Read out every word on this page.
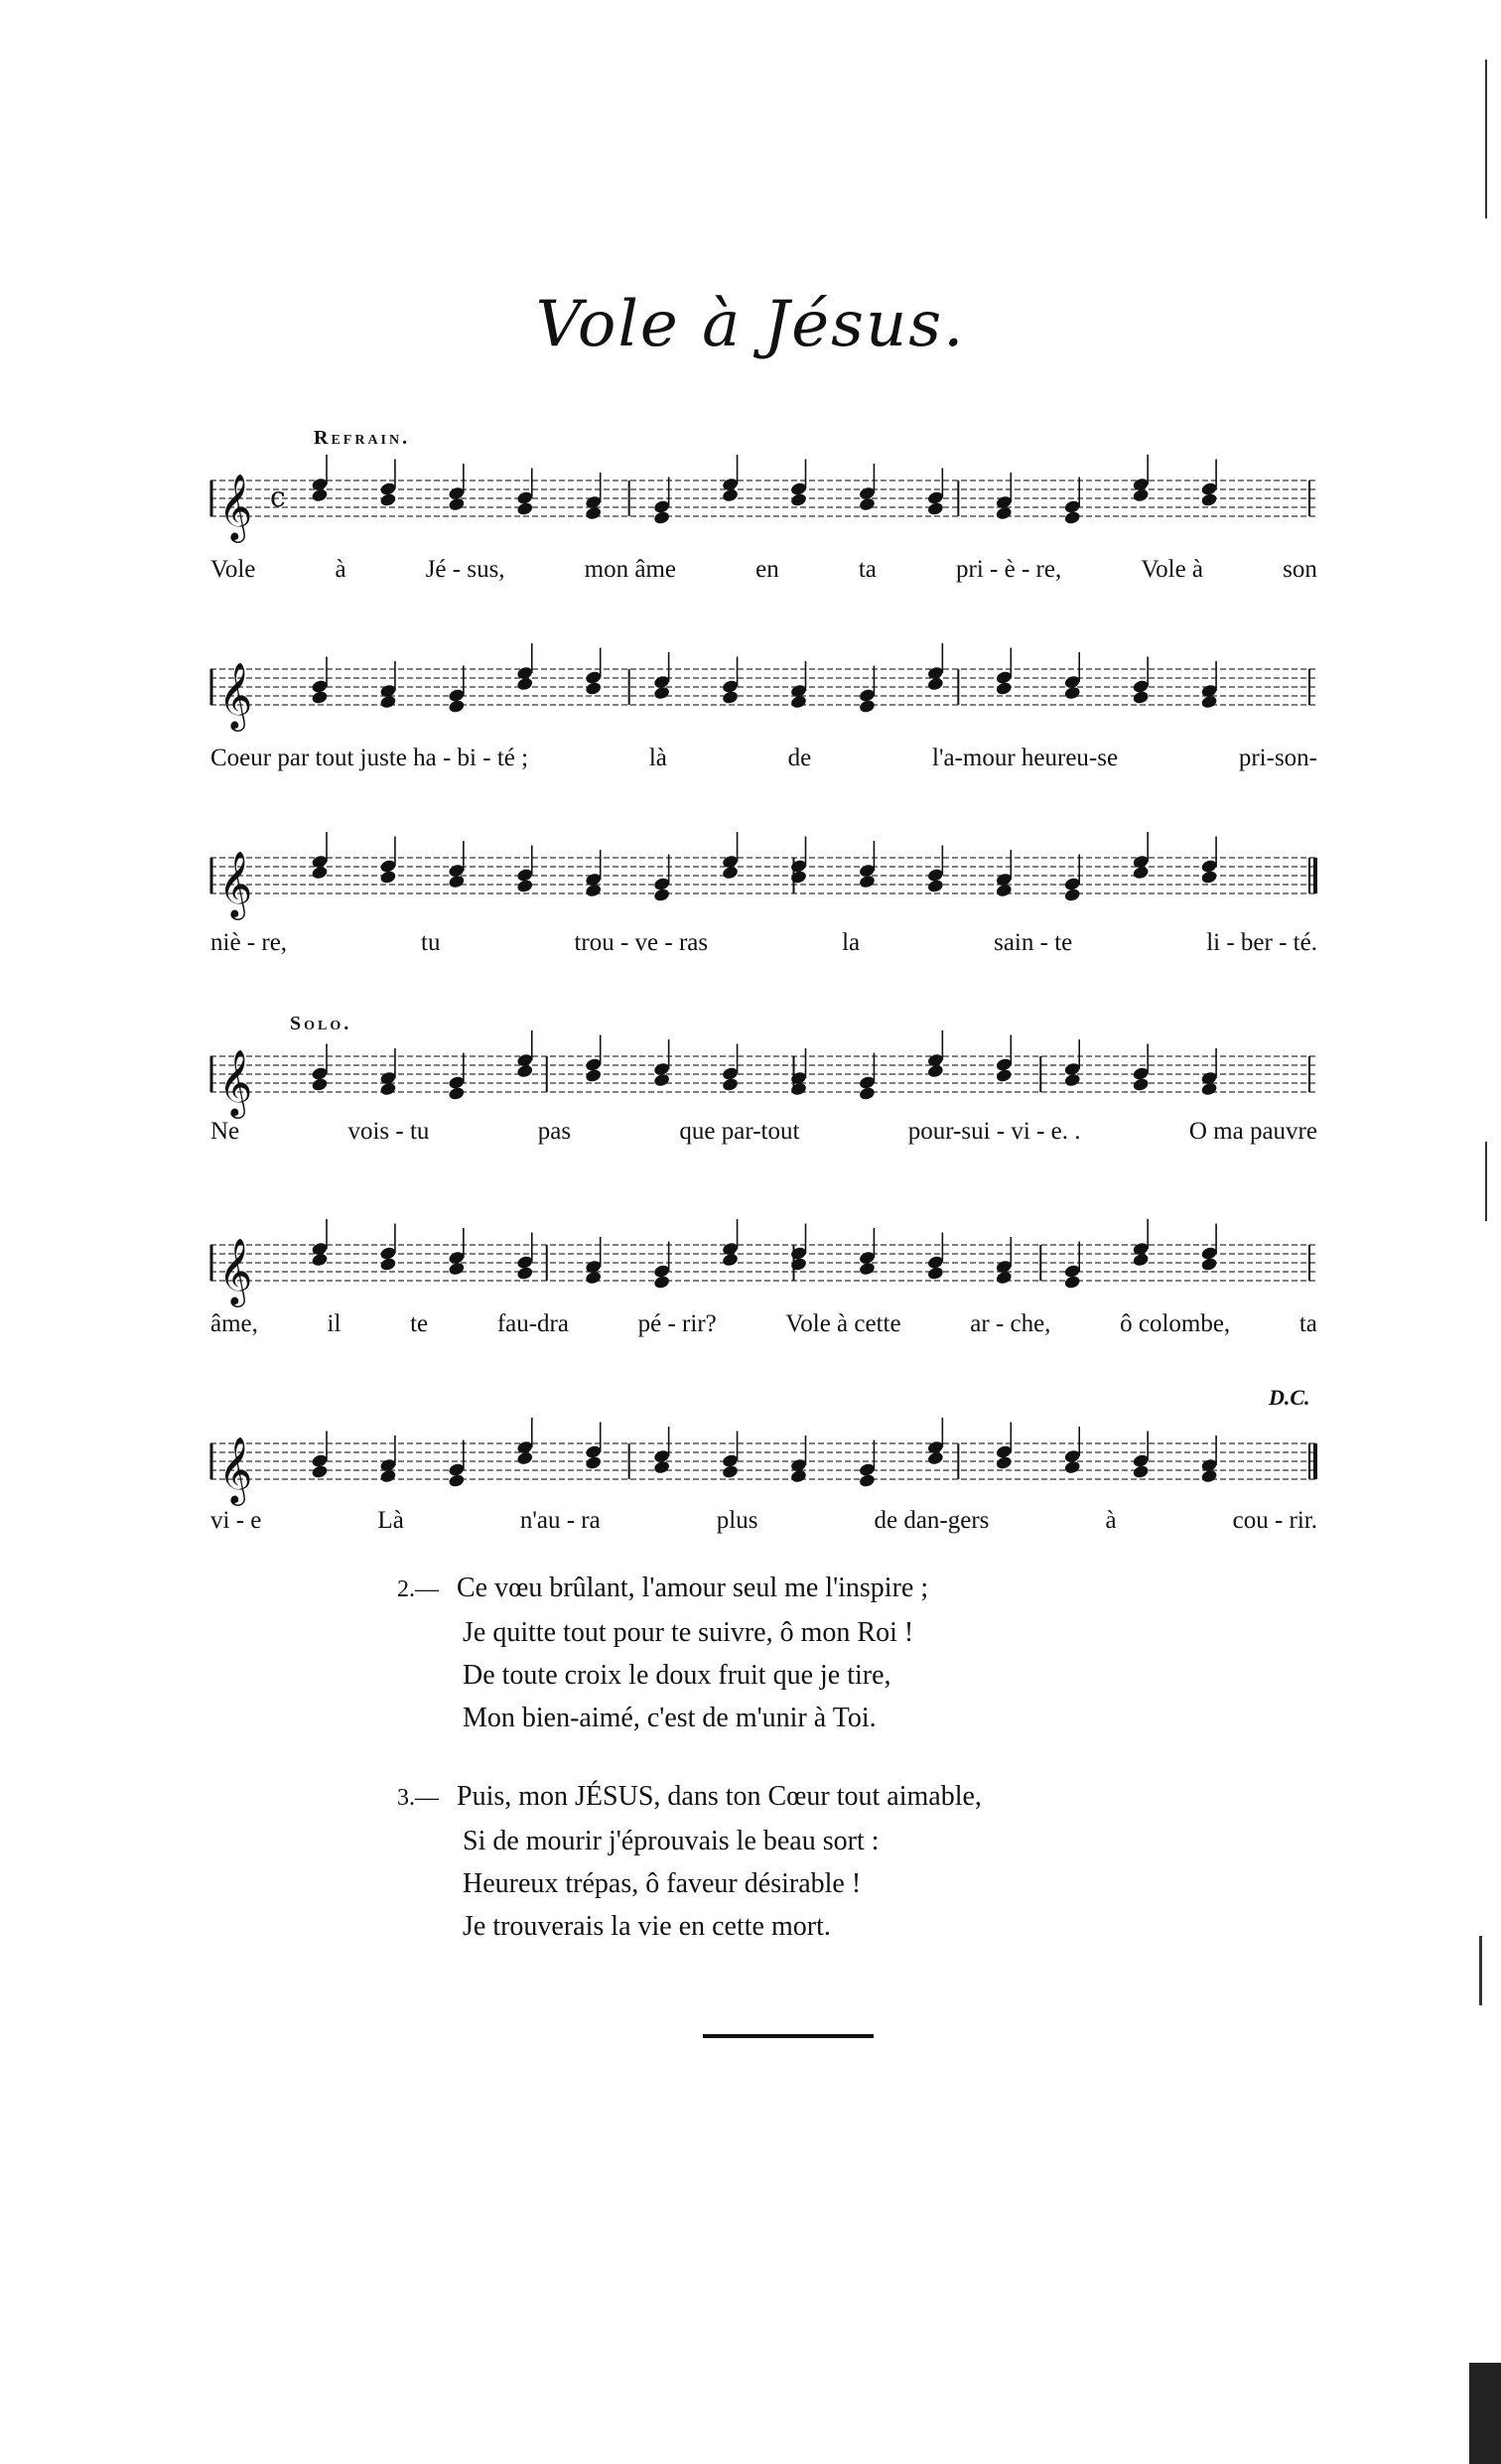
Vole à Jésus.
Refrain.
Solo.
𝄞 c
Vole	à	Jé - sus,	mon âme	en	ta	pri - è - re,	Vole à	son
𝄞
Coeur par tout juste ha - bi - té ;	là	de	l'a-mour heureu-se	pri-son-
𝄞
niè - re,	tu	trou - ve - ras	la	sain - te	li - ber - té.
𝄞
Ne	vois - tu	pas	que par-tout	pour-sui - vi - e. .	O ma pauvre
𝄞
âme,	il	te	fau-dra	pé - rir?	Vole à cette	ar - che,	ô colombe,	ta
𝄞
vi - e	Là	n'au - ra	plus	de dan-gers	à	cou - rir.
D.C.
2.— Ce vœu brûlant, l'amour seul me l'inspire ;
Je quitte tout pour te suivre, ô mon Roi !
De toute croix le doux fruit que je tire,
Mon bien-aimé, c'est de m'unir à Toi.
3.— Puis, mon JÉSUS, dans ton Cœur tout aimable,
Si de mourir j'éprouvais le beau sort :
Heureux trépas, ô faveur désirable !
Je trouverais la vie en cette mort.
